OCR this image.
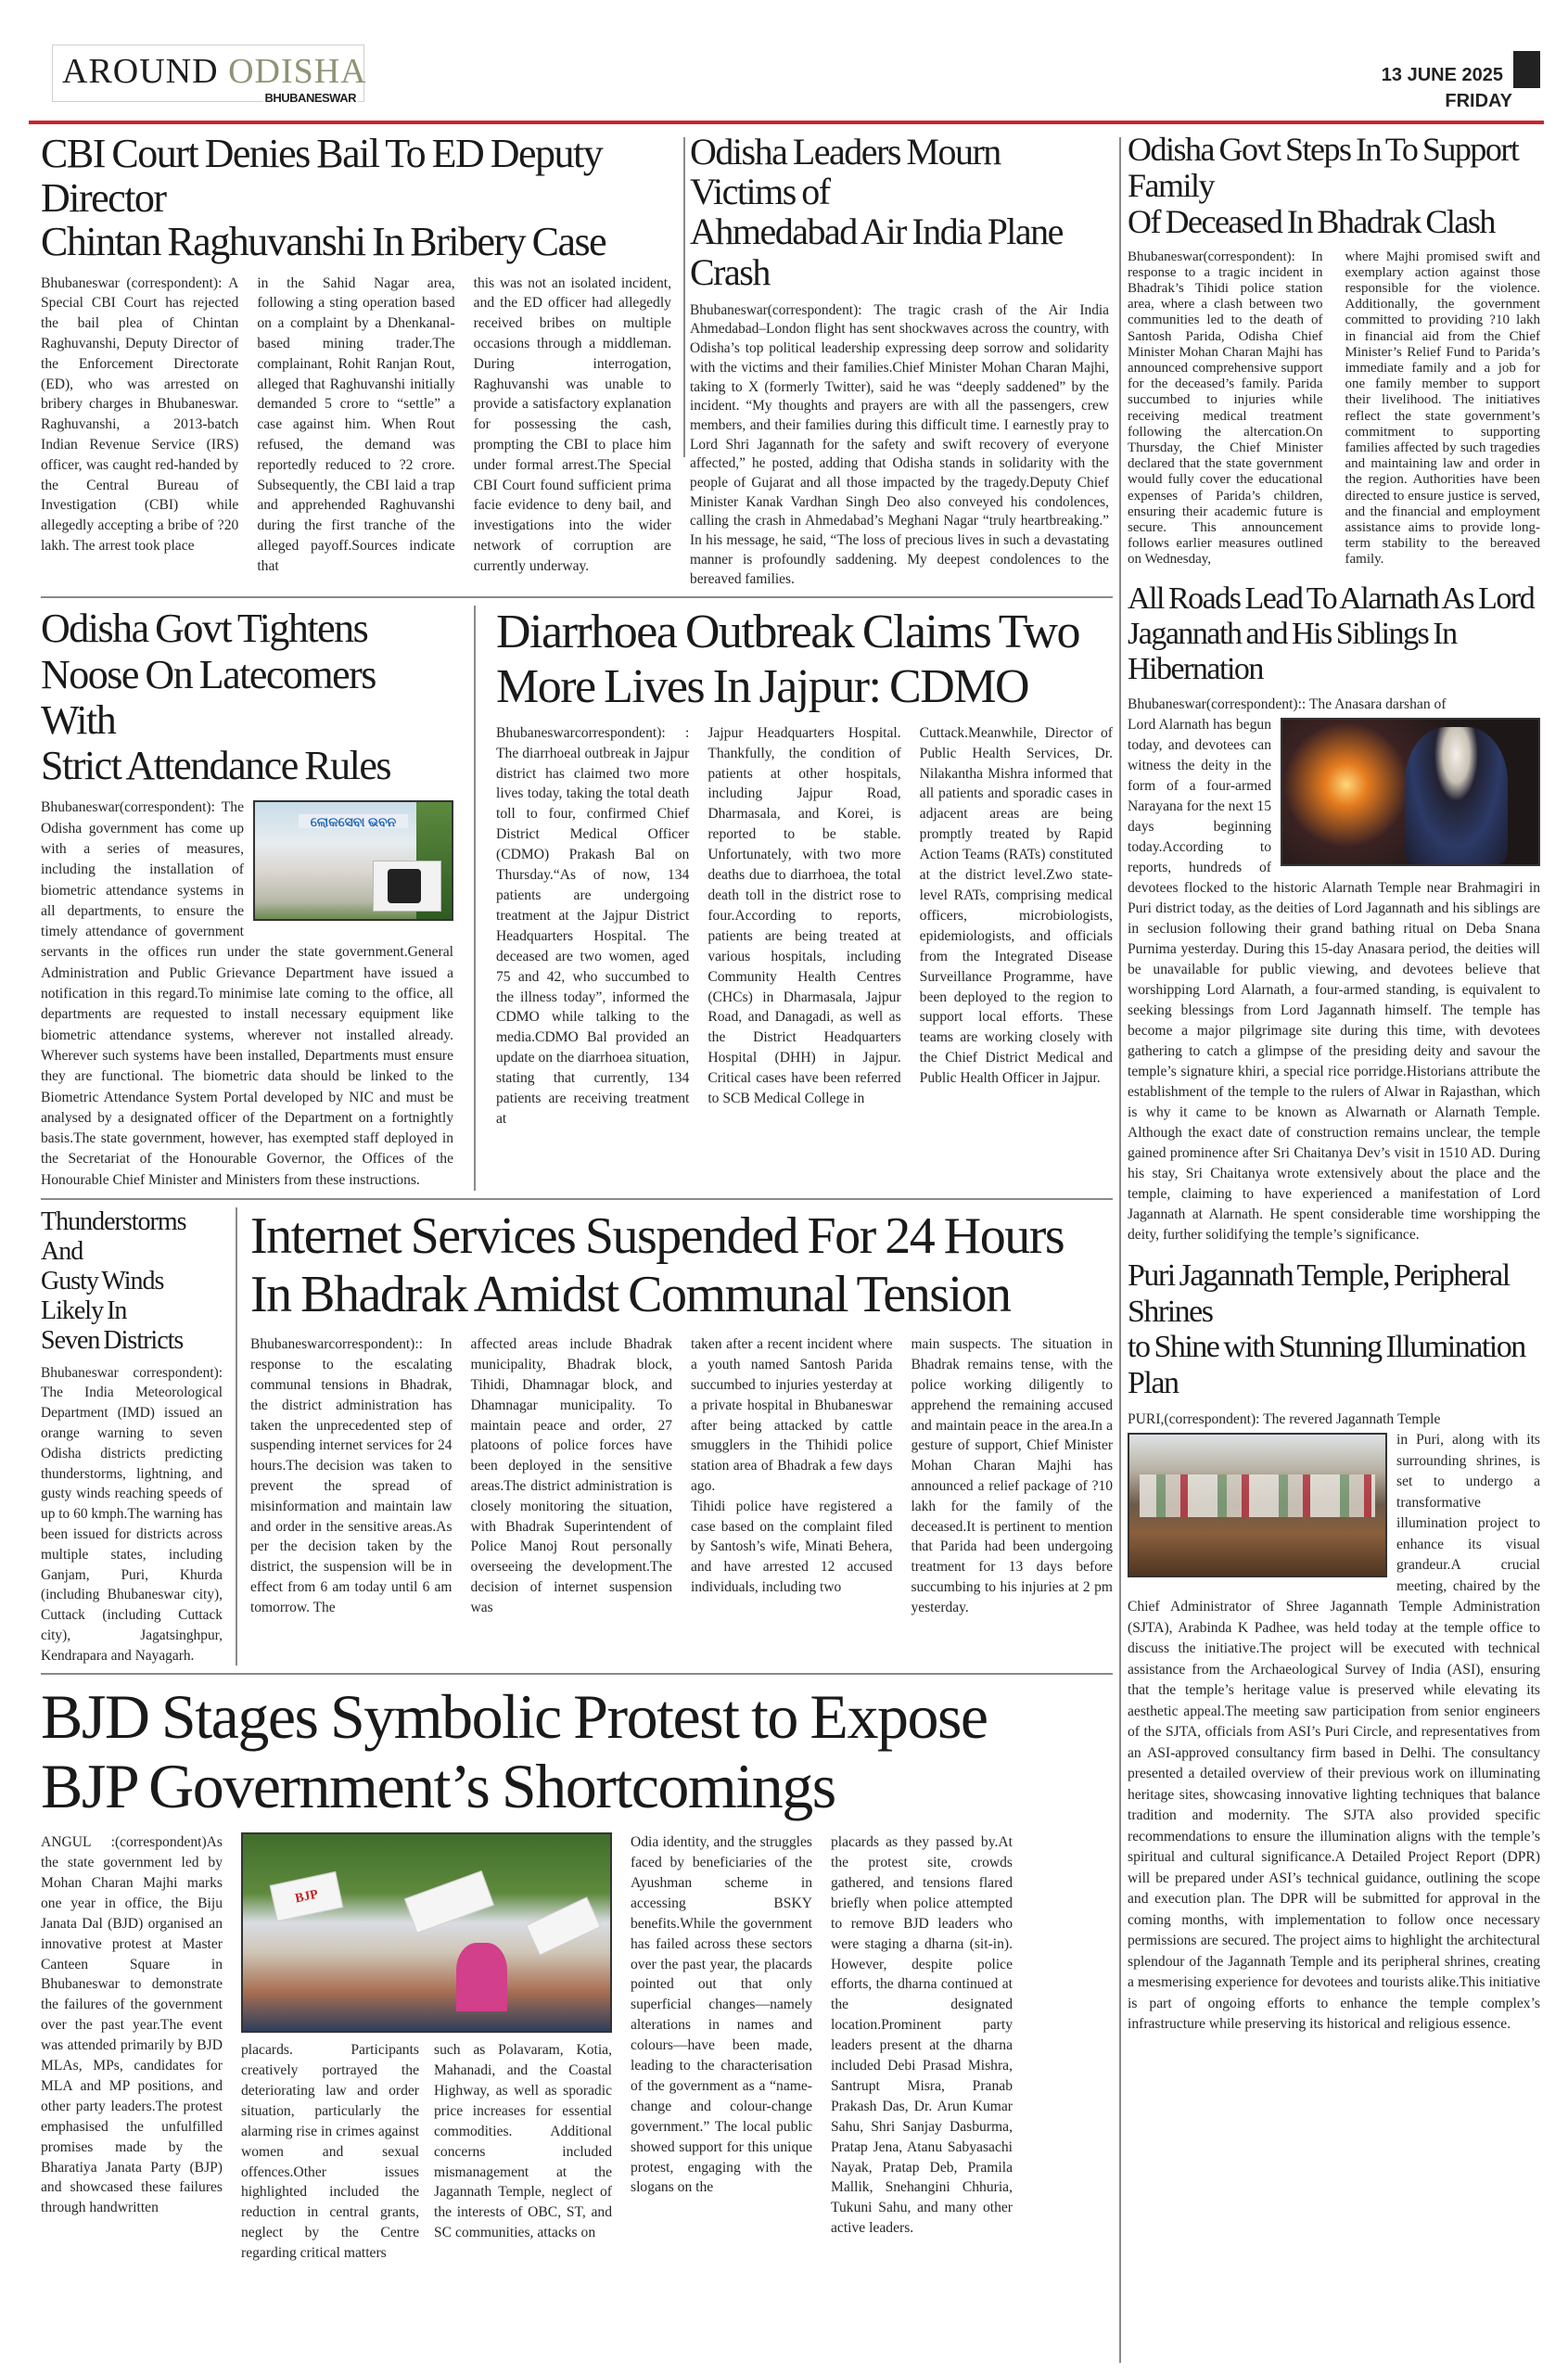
AROUND ODISHA
BHUBANESWAR
13 JUNE 2025
FRIDAY
CBI Court Denies Bail To ED Deputy Director
Chintan Raghuvanshi In Bribery Case

Bhubaneswar (correspondent): A Special CBI Court has rejected the bail plea of Chintan Raghuvanshi, Deputy Director of the Enforcement Directorate (ED), who was arrested on bribery charges in Bhubaneswar. Raghuvanshi, a 2013-batch Indian Revenue Service (IRS) officer, was caught red-handed by the Central Bureau of Investigation (CBI) while allegedly accepting a bribe of ?20 lakh. The arrest took place

in the Sahid Nagar area, following a sting operation based on a complaint by a Dhenkanal-based mining trader.The complainant, Rohit Ranjan Rout, alleged that Raghuvanshi initially demanded 5 crore to “settle” a case against him. When Rout refused, the demand was reportedly reduced to ?2 crore. Subsequently, the CBI laid a trap and apprehended Raghuvanshi during the first tranche of the alleged payoff.Sources indicate that

this was not an isolated incident, and the ED officer had allegedly received bribes on multiple occasions through a middleman. During interrogation, Raghuvanshi was unable to provide a satisfactory explanation for possessing the cash, prompting the CBI to place him under formal arrest.The Special CBI Court found sufficient prima facie evidence to deny bail, and investigations into the wider network of corruption are currently underway.

Odisha Leaders Mourn Victims of
Ahmedabad Air India Plane Crash

Bhubaneswar(correspondent): The tragic crash of the Air India Ahmedabad–London flight has sent shockwaves across the country, with Odisha’s top political leadership expressing deep sorrow and solidarity with the victims and their families.Chief Minister Mohan Charan Majhi, taking to X (formerly Twitter), said he was “deeply saddened” by the incident. “My thoughts and prayers are with all the passengers, crew members, and their families during this difficult time. I earnestly pray to Lord Shri Jagannath for the safety and swift recovery of everyone affected,” he posted, adding that Odisha stands in solidarity with the people of Gujarat and all those impacted by the tragedy.Deputy Chief Minister Kanak Vardhan Singh Deo also conveyed his condolences, calling the crash in Ahmedabad’s Meghani Nagar “truly heartbreaking.” In his message, he said, “The loss of precious lives in such a devastating manner is profoundly saddening. My deepest condolences to the bereaved families.

Odisha Govt Tightens
Noose On Latecomers With
Strict Attendance Rules
ଲୋକସେବା ଭବନ
Bhubaneswar(correspondent): The Odisha government has come up with a series of measures, including the installation of biometric attendance systems in all departments, to ensure the timely attendance of government servants in the offices run under the state government.General Administration and Public Grievance Department have issued a notification in this regard.To minimise late coming to the office, all departments are requested to install necessary equipment like biometric attendance systems, wherever not installed already. Wherever such systems have been installed, Departments must ensure they are functional. The biometric data should be linked to the Biometric Attendance System Portal developed by NIC and must be analysed by a designated officer of the Department on a fortnightly basis.The state government, however, has exempted staff deployed in the Secretariat of the Honourable Governor, the Offices of the Honourable Chief Minister and Ministers from these instructions.
Diarrhoea Outbreak Claims Two
More Lives In Jajpur: CDMO

Bhubaneswarcorrespondent): : The diarrhoeal outbreak in Jajpur district has claimed two more lives today, taking the total death toll to four, confirmed Chief District Medical Officer (CDMO) Prakash Bal on Thursday.“As of now, 134 patients are undergoing treatment at the Jajpur District Headquarters Hospital. The deceased are two women, aged 75 and 42, who succumbed to the illness today”, informed the CDMO while talking to the media.CDMO Bal provided an update on the diarrhoea situation, stating that currently, 134 patients are receiving treatment at

Jajpur Headquarters Hospital. Thankfully, the condition of patients at other hospitals, including Jajpur Road, Dharmasala, and Korei, is reported to be stable. Unfortunately, with two more deaths due to diarrhoea, the total death toll in the district rose to four.According to reports, patients are being treated at various hospitals, including Community Health Centres (CHCs) in Dharmasala, Jajpur Road, and Danagadi, as well as the District Headquarters Hospital (DHH) in Jajpur. Critical cases have been referred to SCB Medical College in

Cuttack.Meanwhile, Director of Public Health Services, Dr. Nilakantha Mishra informed that all patients and sporadic cases in adjacent areas are being promptly treated by Rapid Action Teams (RATs) constituted at the district level.Zwo state-level RATs, comprising medical officers, microbiologists, epidemiologists, and officials from the Integrated Disease Surveillance Programme, have been deployed to the region to support local efforts. These teams are working closely with the Chief District Medical and Public Health Officer in Jajpur.

Thunderstorms And
Gusty Winds Likely In
Seven Districts

Bhubaneswar correspondent): The India Meteorological Department (IMD) issued an orange warning to seven Odisha districts predicting thunderstorms, lightning, and gusty winds reaching speeds of up to 60 kmph.The warning has been issued for districts across multiple states, including Ganjam, Puri, Khurda (including Bhubaneswar city), Cuttack (including Cuttack city), Jagatsinghpur, Kendrapara and Nayagarh.

Internet Services Suspended For 24 Hours
In Bhadrak Amidst Communal Tension

Bhubaneswarcorrespondent):: In response to the escalating communal tensions in Bhadrak, the district administration has taken the unprecedented step of suspending internet services for 24 hours.The decision was taken to prevent the spread of misinformation and maintain law and order in the sensitive areas.As per the decision taken by the district, the suspension will be in effect from 6 am today until 6 am tomorrow. The

affected areas include Bhadrak municipality, Bhadrak block, Tihidi, Dhamnagar block, and Dhamnagar municipality. To maintain peace and order, 27 platoons of police forces have been deployed in the sensitive areas.The district administration is closely monitoring the situation, with Bhadrak Superintendent of Police Manoj Rout personally overseeing the development.The decision of internet suspension was

taken after a recent incident where a youth named Santosh Parida succumbed to injuries yesterday at a private hospital in Bhubaneswar after being attacked by cattle smugglers in the Thihidi police station area of Bhadrak a few days ago.
Tihidi police have registered a case based on the complaint filed by Santosh’s wife, Minati Behera, and have arrested 12 accused individuals, including two

main suspects. The situation in Bhadrak remains tense, with the police working diligently to apprehend the remaining accused and maintain peace in the area.In a gesture of support, Chief Minister Mohan Charan Majhi has announced a relief package of ?10 lakh for the family of the deceased.It is pertinent to mention that Parida had been undergoing treatment for 13 days before succumbing to his injuries at 2 pm yesterday.

BJD Stages Symbolic Protest to Expose
BJP Government’s Shortcomings

ANGUL :(correspondent)As the state government led by Mohan Charan Majhi marks one year in office, the Biju Janata Dal (BJD) organised an innovative protest at Master Canteen Square in Bhubaneswar to demonstrate the failures of the government over the past year.The event was attended primarily by BJD MLAs, MPs, candidates for MLA and MP positions, and other party leaders.The protest emphasised the unfulfilled promises made by the Bharatiya Janata Party (BJP) and showcased these failures through handwritten

BJP

placards. Participants creatively portrayed the deteriorating law and order situation, particularly the alarming rise in crimes against women and sexual offences.Other issues highlighted included the reduction in central grants, neglect by the Centre regarding critical matters

such as Polavaram, Kotia, Mahanadi, and the Coastal Highway, as well as sporadic price increases for essential commodities. Additional concerns included mismanagement at the Jagannath Temple, neglect of the interests of OBC, ST, and SC communities, attacks on

Odia identity, and the struggles faced by beneficiaries of the Ayushman scheme in accessing BSKY benefits.While the government has failed across these sectors over the past year, the placards pointed out that only superficial changes—namely alterations in names and colours—have been made, leading to the characterisation of the government as a “name-change and colour-change government.” The local public showed support for this unique protest, engaging with the slogans on the

placards as they passed by.At the protest site, crowds gathered, and tensions flared briefly when police attempted to remove BJD leaders who were staging a dharna (sit-in). However, despite police efforts, the dharna continued at the designated location.Prominent party leaders present at the dharna included Debi Prasad Mishra, Santrupt Misra, Pranab Prakash Das, Dr. Arun Kumar Sahu, Shri Sanjay Dasburma, Pratap Jena, Atanu Sabyasachi Nayak, Pratap Deb, Pramila Mallik, Snehangini Chhuria, Tukuni Sahu, and many other active leaders.

Odisha Govt Steps In To Support Family
Of Deceased In Bhadrak Clash

Bhubaneswar(correspondent): In response to a tragic incident in Bhadrak’s Tihidi police station area, where a clash between two communities led to the death of Santosh Parida, Odisha Chief Minister Mohan Charan Majhi has announced comprehensive support for the deceased’s family. Parida succumbed to injuries while receiving medical treatment following the altercation.On Thursday, the Chief Minister declared that the state government would fully cover the educational expenses of Parida’s children, ensuring their academic future is secure. This announcement follows earlier measures outlined on Wednesday,

where Majhi promised swift and exemplary action against those responsible for the violence. Additionally, the government committed to providing ?10 lakh in financial aid from the Chief Minister’s Relief Fund to Parida’s immediate family and a job for one family member to support their livelihood. The initiatives reflect the state government’s commitment to supporting families affected by such tragedies and maintaining law and order in the region. Authorities have been directed to ensure justice is served, and the financial and employment assistance aims to provide long-term stability to the bereaved family.

All Roads Lead To Alarnath As Lord
Jagannath and His Siblings In Hibernation
Bhubaneswar(correspondent):: The Anasara darshan of
Lord Alarnath has begun today, and devotees can witness the deity in the form of a four-armed Narayana for the next 15 days beginning today.According to reports, hundreds of devotees flocked to the historic Alarnath Temple near Brahmagiri in Puri district today, as the deities of Lord Jagannath and his siblings are in seclusion following their grand bathing ritual on Deba Snana Purnima yesterday. During this 15-day Anasara period, the deities will be unavailable for public viewing, and devotees believe that worshipping Lord Alarnath, a four-armed standing, is equivalent to seeking blessings from Lord Jagannath himself. The temple has become a major pilgrimage site during this time, with devotees gathering to catch a glimpse of the presiding deity and savour the temple’s signature khiri, a special rice porridge.Historians attribute the establishment of the temple to the rulers of Alwar in Rajasthan, which is why it came to be known as Alwarnath or Alarnath Temple. Although the exact date of construction remains unclear, the temple gained prominence after Sri Chaitanya Dev’s visit in 1510 AD. During his stay, Sri Chaitanya wrote extensively about the place and the temple, claiming to have experienced a manifestation of Lord Jagannath at Alarnath. He spent considerable time worshipping the deity, further solidifying the temple’s significance.
Puri Jagannath Temple, Peripheral Shrines
to Shine with Stunning Illumination Plan
PURI,(correspondent): The revered Jagannath Temple
in Puri, along with its surrounding shrines, is set to undergo a transformative illumination project to enhance its visual grandeur.A crucial meeting, chaired by the Chief Administrator of Shree Jagannath Temple Administration (SJTA), Arabinda K Padhee, was held today at the temple office to discuss the initiative.The project will be executed with technical assistance from the Archaeological Survey of India (ASI), ensuring that the temple’s heritage value is preserved while elevating its aesthetic appeal.The meeting saw participation from senior engineers of the SJTA, officials from ASI’s Puri Circle, and representatives from an ASI-approved consultancy firm based in Delhi. The consultancy presented a detailed overview of their previous work on illuminating heritage sites, showcasing innovative lighting techniques that balance tradition and modernity. The SJTA also provided specific recommendations to ensure the illumination aligns with the temple’s spiritual and cultural significance.A Detailed Project Report (DPR) will be prepared under ASI’s technical guidance, outlining the scope and execution plan. The DPR will be submitted for approval in the coming months, with implementation to follow once necessary permissions are secured. The project aims to highlight the architectural splendour of the Jagannath Temple and its peripheral shrines, creating a mesmerising experience for devotees and tourists alike.This initiative is part of ongoing efforts to enhance the temple complex’s infrastructure while preserving its historical and religious essence.
